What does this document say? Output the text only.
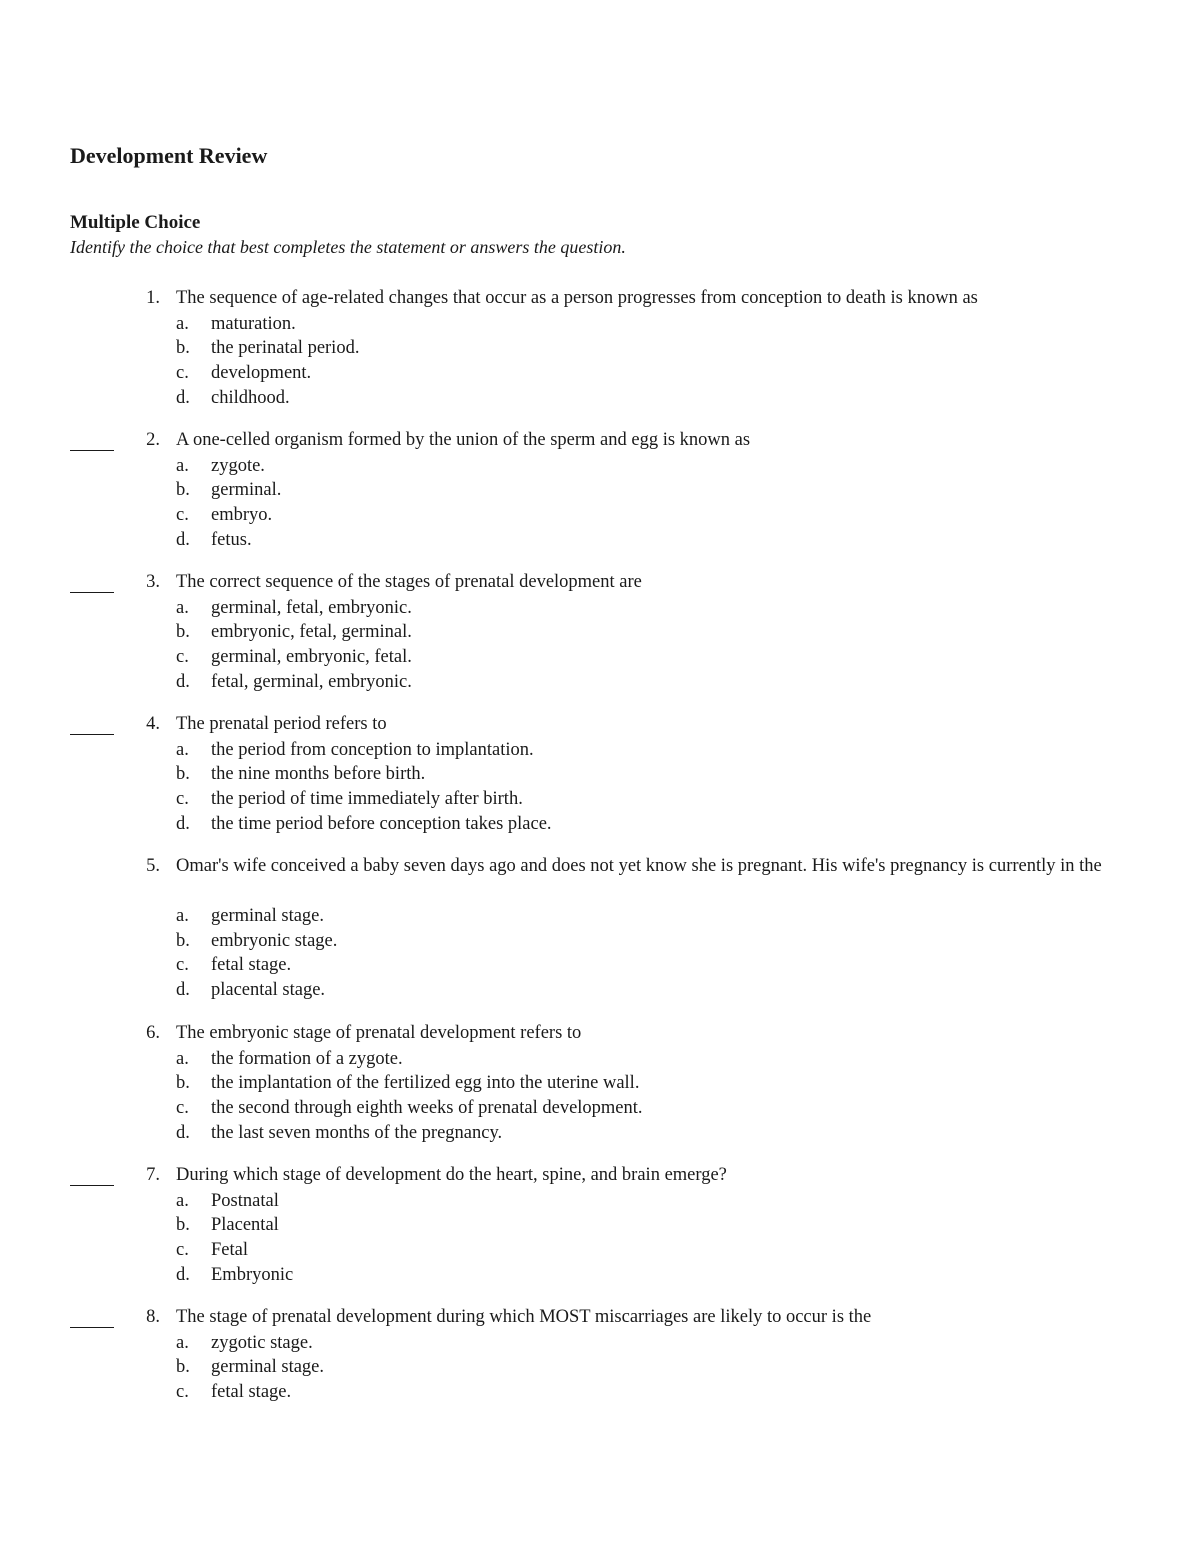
Development Review
Multiple Choice

Identify the choice that best completes the statement or answers the question.

1. The sequence of age-related changes that occur as a person progresses from conception to death is known as
a.	maturation.
b.	the perinatal period.
c.	development.
d.	childhood.
2. A one-celled organism formed by the union of the sperm and egg is known as
a.	zygote.
b.	germinal.
c.	embryo.
d.	fetus.
3. The correct sequence of the stages of prenatal development are
a.	germinal, fetal, embryonic.
b.	embryonic, fetal, germinal.
c.	germinal, embryonic, fetal.
d.	fetal, germinal, embryonic.
4. The prenatal period refers to
a.	the period from conception to implantation.
b.	the nine months before birth.
c.	the period of time immediately after birth.
d.	the time period before conception takes place.
5. Omar's wife conceived a baby seven days ago and does not yet know she is pregnant. His wife's pregnancy is currently in the
a.	germinal stage.
b.	embryonic stage.
c.	fetal stage.
d.	placental stage.
6. The embryonic stage of prenatal development refers to
a.	the formation of a zygote.
b.	the implantation of the fertilized egg into the uterine wall.
c.	the second through eighth weeks of prenatal development.
d.	the last seven months of the pregnancy.
7. During which stage of development do the heart, spine, and brain emerge?
a.	Postnatal
b.	Placental
c.	Fetal
d.	Embryonic
8. The stage of prenatal development during which MOST miscarriages are likely to occur is the
a.	zygotic stage.
b.	germinal stage.
c.	fetal stage.
